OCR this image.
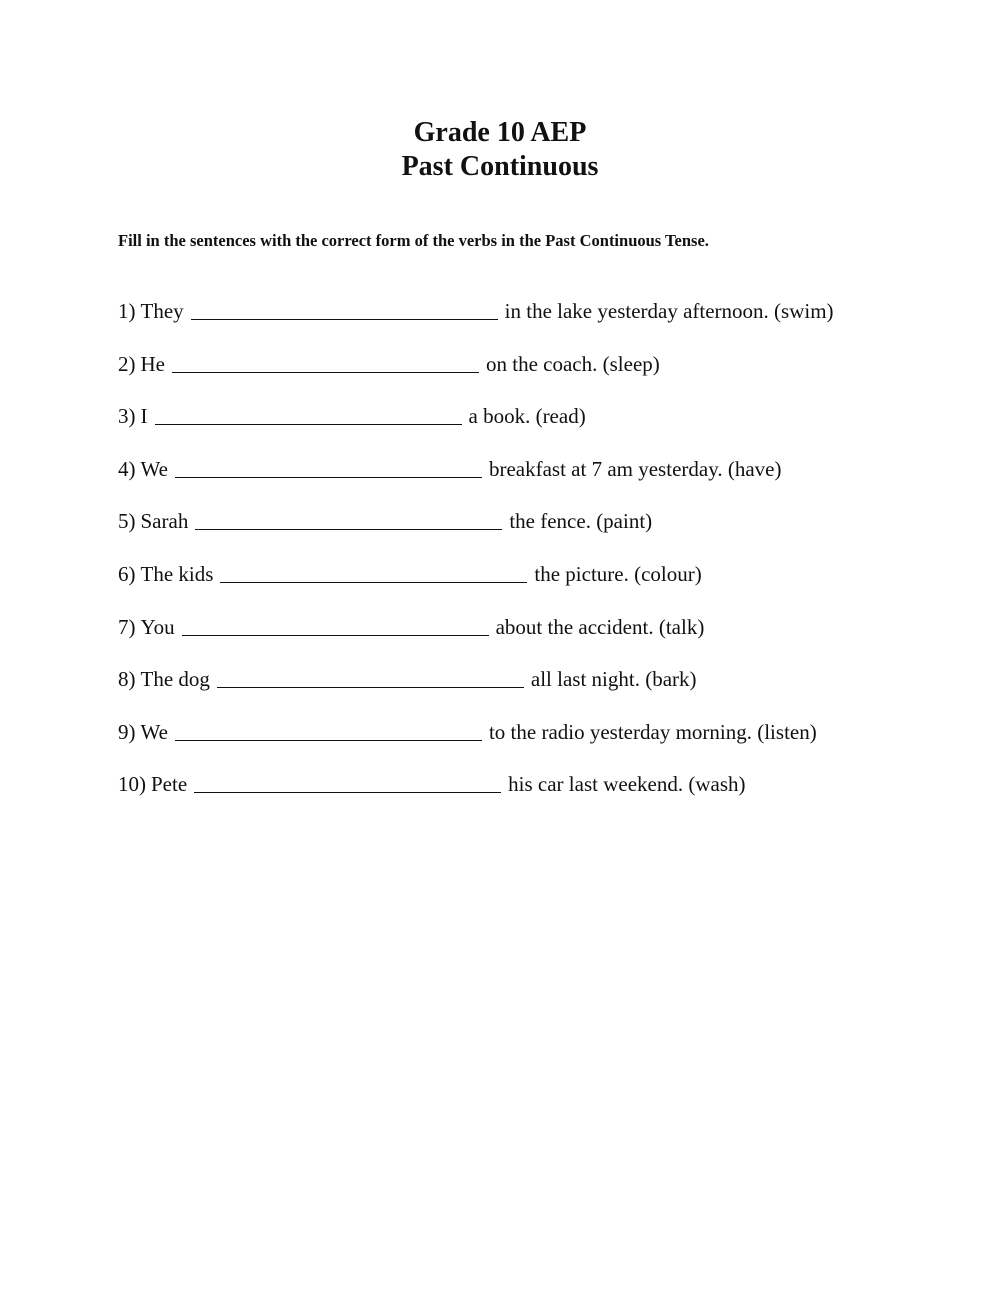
Grade 10 AEP

Past Continuous

Fill in the sentences with the correct form of the verbs in the Past Continuous Tense.

1) They	in the lake yesterday afternoon. (swim)
2) He	on the coach. (sleep)
3) I	a book. (read)
4) We	breakfast at 7 am yesterday. (have)
5) Sarah	the fence. (paint)
6) The kids	the picture. (colour)
7) You	about the accident. (talk)
8) The dog	all last night. (bark)
9) We	to the radio yesterday morning. (listen)
10) Pete	his car last weekend. (wash)
